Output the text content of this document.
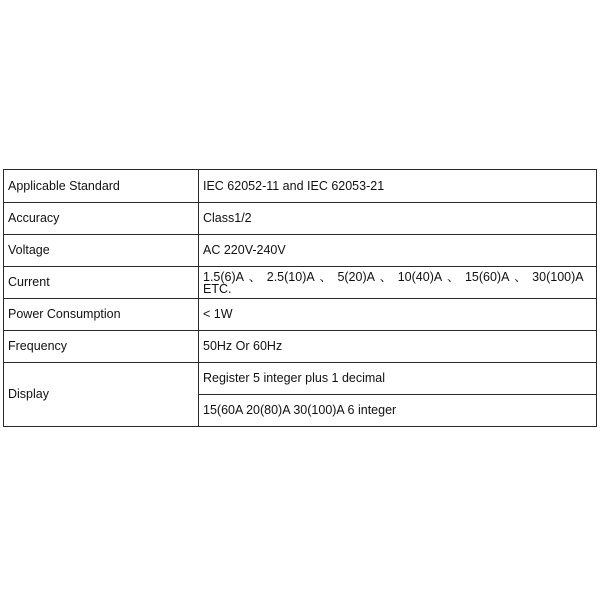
Applicable Standard	IEC 62052-11 and IEC 62053-21
Accuracy	Class1/2
Voltage	AC 220V-240V
Current	1.5(6)A 、 2.5(10)A 、 5(20)A 、 10(40)A 、 15(60)A 、 30(100)A ETC.
Power Consumption	< 1W
Frequency	50Hz Or 60Hz
Display	Register 5 integer plus 1 decimal
	15(60A 20(80)A 30(100)A 6 integer
